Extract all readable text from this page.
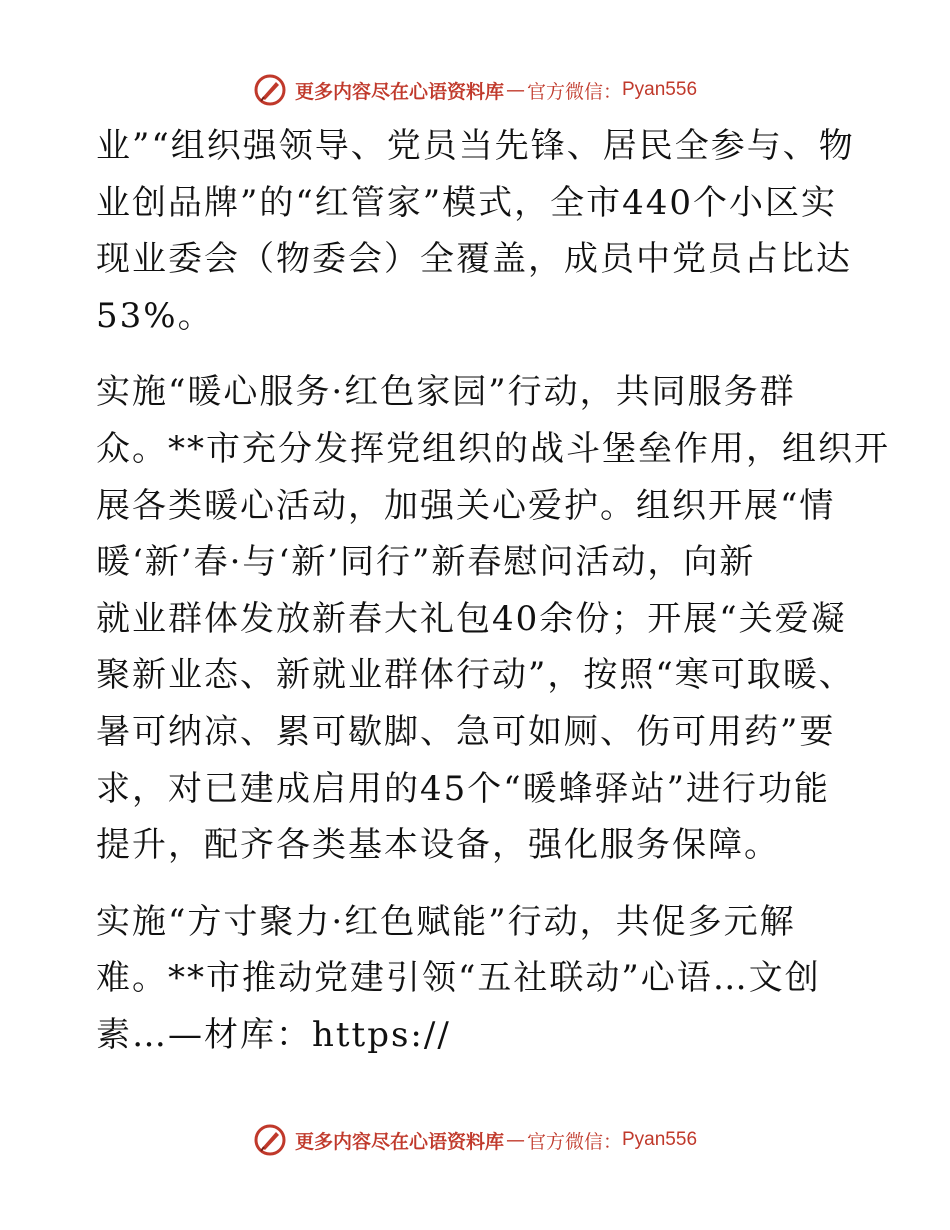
更多内容尽在心语资料库 — 官方微信： Pyan556

业”“组织强领导、党员当先锋、居民全参与、物
业创品牌”的“红管家”模式，全市440个小区实
现业委会（物委会）全覆盖，成员中党员占比达
53%。

实施“暖心服务·红色家园”行动，共同服务群
众。**市充分发挥党组织的战斗堡垒作用，组织开
展各类暖心活动，加强关心爱护。组织开展“情
暖‘新’春·与‘新’同行”新春慰问活动，向新
就业群体发放新春大礼包40余份；开展“关爱凝
聚新业态、新就业群体行动”，按照“寒可取暖、
暑可纳凉、累可歇脚、急可如厕、伤可用药”要
求，对已建成启用的45个“暖蜂驿站”进行功能
提升，配齐各类基本设备，强化服务保障。

实施“方寸聚力·红色赋能”行动，共促多元解
难。**市推动党建引领“五社联动”心语…文创
素…—材库：https://

更多内容尽在心语资料库 — 官方微信： Pyan556
